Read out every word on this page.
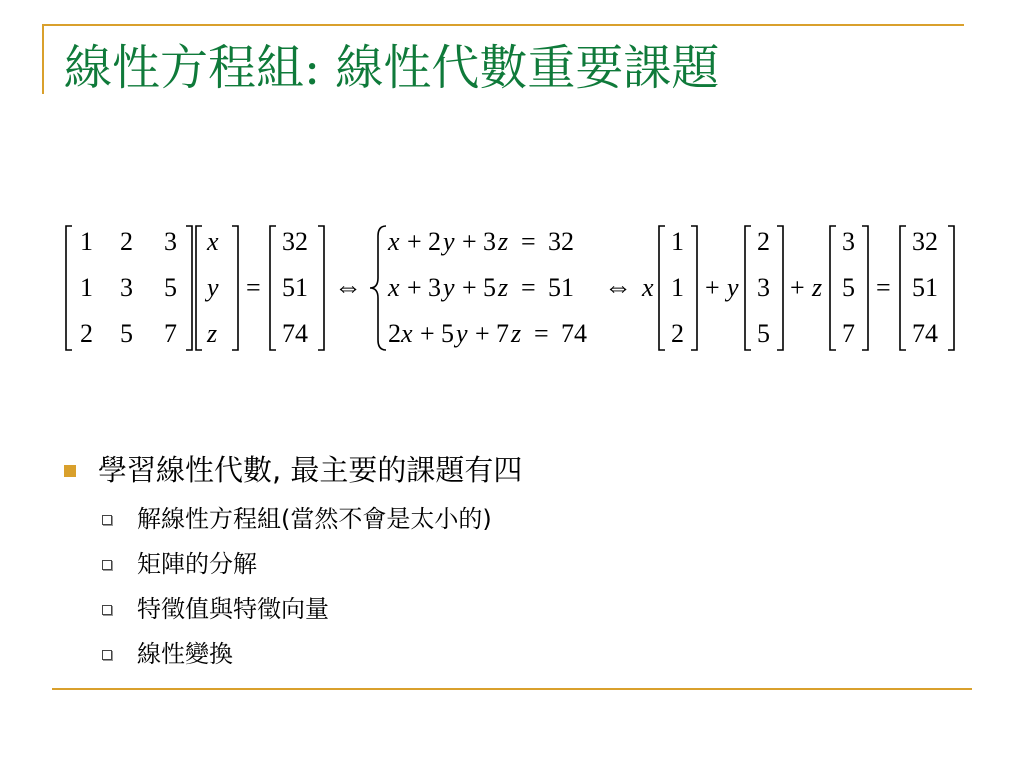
線性方程組: 線性代數重要課題
1 2 3
1 3 5
2 5 7
x
y
z
=
32
51
74
⇔
x + 2 y + 3 z = 32
x + 3 y + 5 z = 51
2 x + 5 y + 7 z = 74
⇔ x
1
1
2
+ y
2
3
5
+ z
3
5
7
=
32
51
74
學習線性代數, 最主要的課題有四
解線性方程組(當然不會是太小的)
矩陣的分解
特徵值與特徵向量
線性變換
